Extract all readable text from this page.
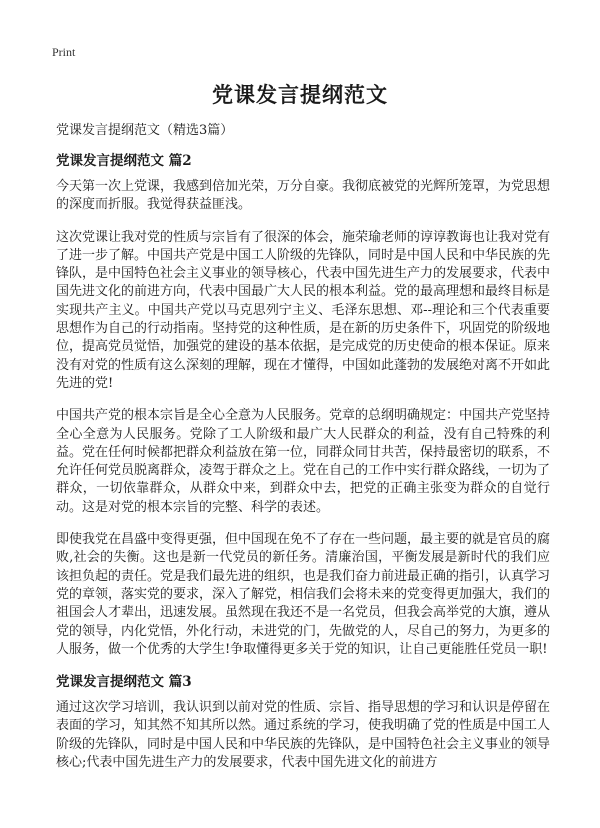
Print
党课发言提纲范文
党课发言提纲范文（精选3篇）
党课发言提纲范文 篇2
今天第一次上党课，我感到倍加光荣，万分自豪。我彻底被党的光辉所笼罩，为党思想的深度而折服。我觉得获益匪浅。
这次党课让我对党的性质与宗旨有了很深的体会，施荣瑜老师的谆谆教诲也让我对党有了进一步了解。中国共产党是中国工人阶级的先锋队，同时是中国人民和中华民族的先锋队，是中国特色社会主义事业的领导核心，代表中国先进生产力的发展要求，代表中国先进文化的前进方向，代表中国最广大人民的根本利益。党的最高理想和最终目标是实现共产主义。中国共产党以马克思列宁主义、毛泽东思想、邓--理论和三个代表重要思想作为自己的行动指南。坚持党的这种性质，是在新的历史条件下，巩固党的阶级地位，提高党员觉悟，加强党的建设的基本依据，是完成党的历史使命的根本保证。原来没有对党的性质有这么深刻的理解，现在才懂得，中国如此蓬勃的发展绝对离不开如此先进的党!
中国共产党的根本宗旨是全心全意为人民服务。党章的总纲明确规定：中国共产党坚持全心全意为人民服务。党除了工人阶级和最广大人民群众的利益，没有自己特殊的利益。党在任何时候都把群众利益放在第一位，同群众同甘共苦，保持最密切的联系，不允许任何党员脱离群众，凌驾于群众之上。党在自己的工作中实行群众路线，一切为了群众，一切依靠群众，从群众中来，到群众中去，把党的正确主张变为群众的自觉行动。这是对党的根本宗旨的完整、科学的表述。
即使我党在昌盛中变得更强，但中国现在免不了存在一些问题，最主要的就是官员的腐败,社会的失衡。这也是新一代党员的新任务。清廉治国，平衡发展是新时代的我们应该担负起的责任。党是我们最先进的组织，也是我们奋力前进最正确的指引，认真学习党的章领，落实党的要求，深入了解党，相信我们会将未来的党变得更加强大，我们的祖国会人才辈出，迅速发展。虽然现在我还不是一名党员，但我会高举党的大旗，遵从党的领导，内化党悟，外化行动，未进党的门，先做党的人，尽自己的努力，为更多的人服务，做一个优秀的大学生!争取懂得更多关于党的知识，让自己更能胜任党员一职!
党课发言提纲范文 篇3
通过这次学习培训，我认识到以前对党的性质、宗旨、指导思想的学习和认识是停留在表面的学习，知其然不知其所以然。通过系统的学习，使我明确了党的性质是中国工人阶级的先锋队，同时是中国人民和中华民族的先锋队，是中国特色社会主义事业的领导核心;代表中国先进生产力的发展要求，代表中国先进文化的前进方
